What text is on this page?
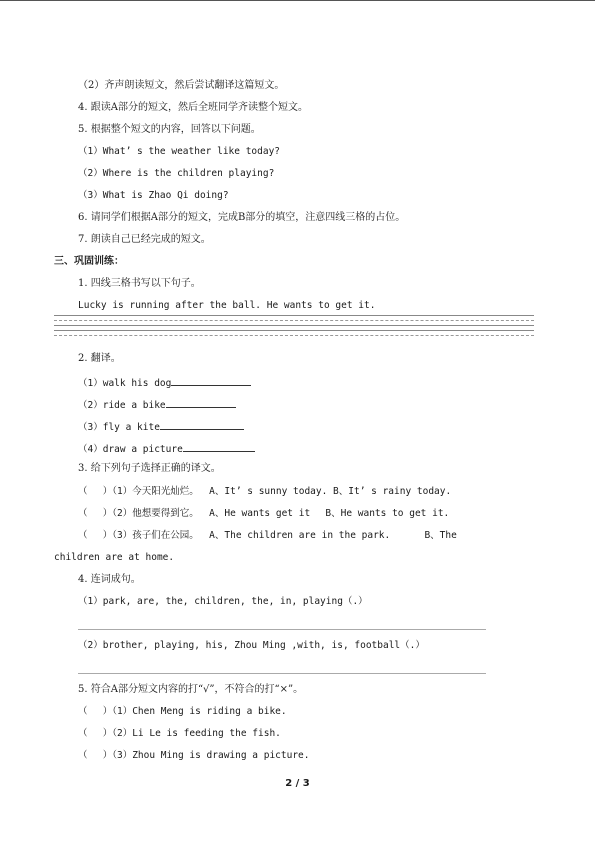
（2）齐声朗读短文，然后尝试翻译这篇短文。
4. 跟读A部分的短文，然后全班同学齐读整个短文。
5. 根据整个短文的内容，回答以下问题。
（1）What’ s the weather like today?
（2）Where is the children playing?
（3）What is Zhao Qi doing?
6. 请同学们根据A部分的短文，完成B部分的填空，注意四线三格的占位。
7. 朗读自己已经完成的短文。
三、巩固训练：
1. 四线三格书写以下句子。
Lucky is running after the ball. He wants to get it.
2. 翻译。
（1）walk his dog
（2）ride a bike
（3）fly a kite
（4）draw a picture
3. 给下列句子选择正确的译文。
（　 ）（1）今天阳光灿烂。　 A、It’ s sunny today. B、It’ s rainy today.
（　 ）（2）他想要得到它。　 A、He wants get it　 B、He wants to get it.
（　 ）（3）孩子们在公园。　 A、The children are in the park.　　　 B、The
children are at home.
4. 连词成句。
（1）park, are, the, children, the, in, playing（.）
（2）brother, playing, his, Zhou Ming ,with, is, football（.）
5. 符合A部分短文内容的打“√”，不符合的打“×”。
（　 ）（1）Chen Meng is riding a bike.
（　 ）（2）Li Le is feeding the fish.
（　 ）（3）Zhou Ming is drawing a picture.
2 / 3
